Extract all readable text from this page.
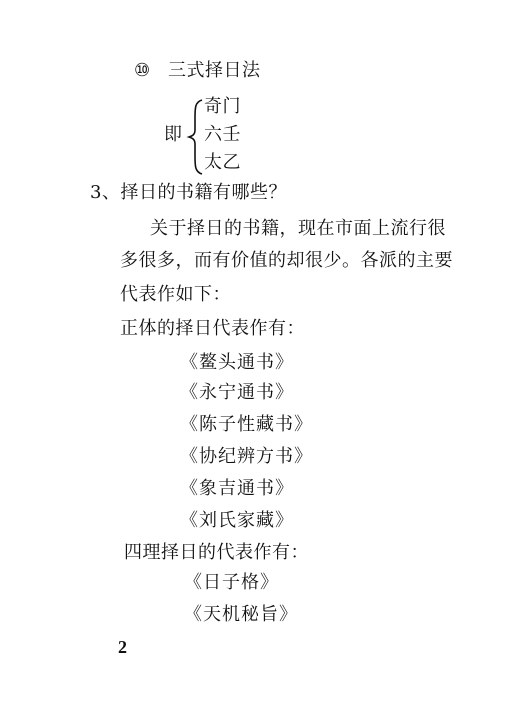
⑩ 三式择日法
即
奇门
六壬
太乙
3、择日的书籍有哪些？
关于择日的书籍，现在市面上流行很
多很多，而有价值的却很少。各派的主要
代表作如下：
正体的择日代表作有：
《鳌头通书》
《永宁通书》
《陈子性藏书》
《协纪辨方书》
《象吉通书》
《刘氏家藏》
四理择日的代表作有：
《日子格》
《天机秘旨》
2
